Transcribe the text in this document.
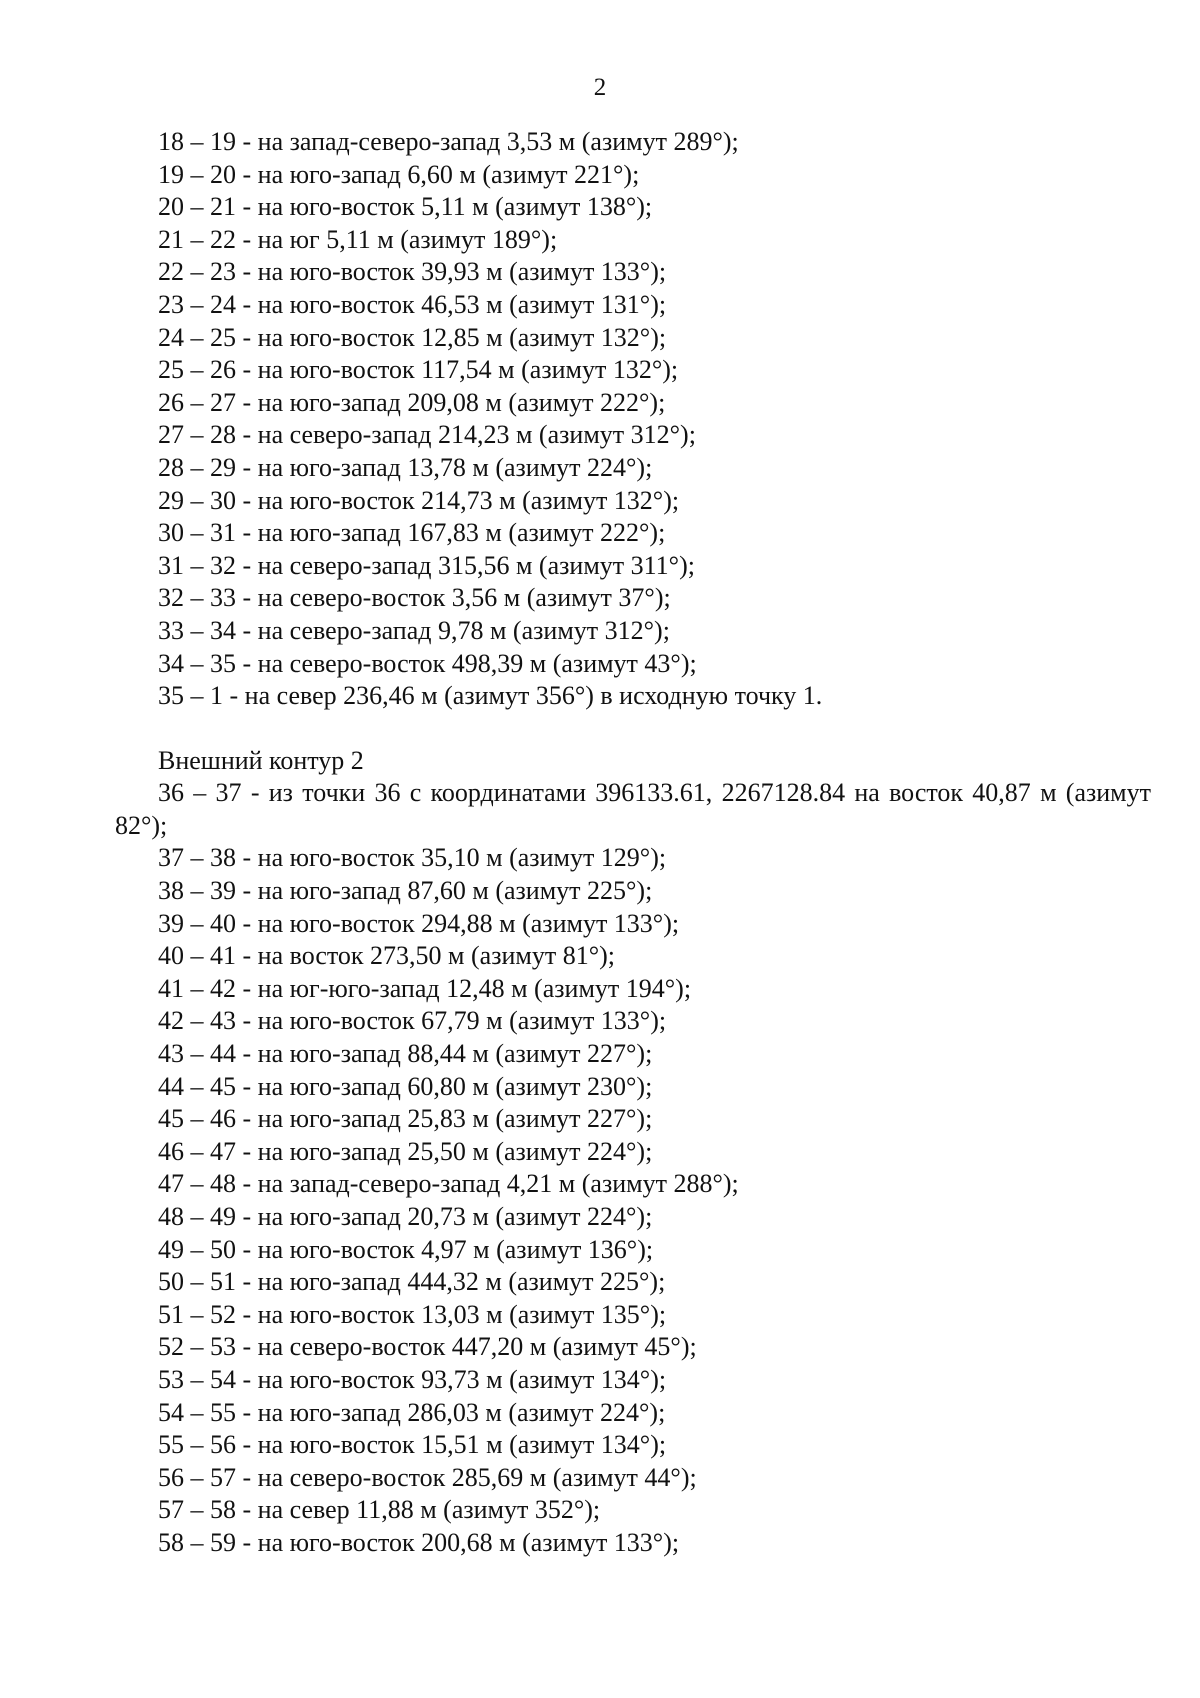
2
18 – 19 - на запад-северо-запад 3,53 м (азимут 289°);
19 – 20 - на юго-запад 6,60 м (азимут 221°);
20 – 21 - на юго-восток 5,11 м (азимут 138°);
21 – 22 - на юг 5,11 м (азимут 189°);
22 – 23 - на юго-восток 39,93 м (азимут 133°);
23 – 24 - на юго-восток 46,53 м (азимут 131°);
24 – 25 - на юго-восток 12,85 м (азимут 132°);
25 – 26 - на юго-восток 117,54 м (азимут 132°);
26 – 27 - на юго-запад 209,08 м (азимут 222°);
27 – 28 - на северо-запад 214,23 м (азимут 312°);
28 – 29 - на юго-запад 13,78 м (азимут 224°);
29 – 30 - на юго-восток 214,73 м (азимут 132°);
30 – 31 - на юго-запад 167,83 м (азимут 222°);
31 – 32 - на северо-запад 315,56 м (азимут 311°);
32 – 33 - на северо-восток 3,56 м (азимут 37°);
33 – 34 - на северо-запад 9,78 м (азимут 312°);
34 – 35 - на северо-восток 498,39 м (азимут 43°);
35 – 1 - на север 236,46 м (азимут 356°) в исходную точку 1.
Внешний контур 2
36 – 37 - из точки 36 с координатами 396133.61, 2267128.84 на восток 40,87 м (азимут 82°);
37 – 38 - на юго-восток 35,10 м (азимут 129°);
38 – 39 - на юго-запад 87,60 м (азимут 225°);
39 – 40 - на юго-восток 294,88 м (азимут 133°);
40 – 41 - на восток 273,50 м (азимут 81°);
41 – 42 - на юг-юго-запад 12,48 м (азимут 194°);
42 – 43 - на юго-восток 67,79 м (азимут 133°);
43 – 44 - на юго-запад 88,44 м (азимут 227°);
44 – 45 - на юго-запад 60,80 м (азимут 230°);
45 – 46 - на юго-запад 25,83 м (азимут 227°);
46 – 47 - на юго-запад 25,50 м (азимут 224°);
47 – 48 - на запад-северо-запад 4,21 м (азимут 288°);
48 – 49 - на юго-запад 20,73 м (азимут 224°);
49 – 50 - на юго-восток 4,97 м (азимут 136°);
50 – 51 - на юго-запад 444,32 м (азимут 225°);
51 – 52 - на юго-восток 13,03 м (азимут 135°);
52 – 53 - на северо-восток 447,20 м (азимут 45°);
53 – 54 - на юго-восток 93,73 м (азимут 134°);
54 – 55 - на юго-запад 286,03 м (азимут 224°);
55 – 56 - на юго-восток 15,51 м (азимут 134°);
56 – 57 - на северо-восток 285,69 м (азимут 44°);
57 – 58 - на север 11,88 м (азимут 352°);
58 – 59 - на юго-восток 200,68 м (азимут 133°);
